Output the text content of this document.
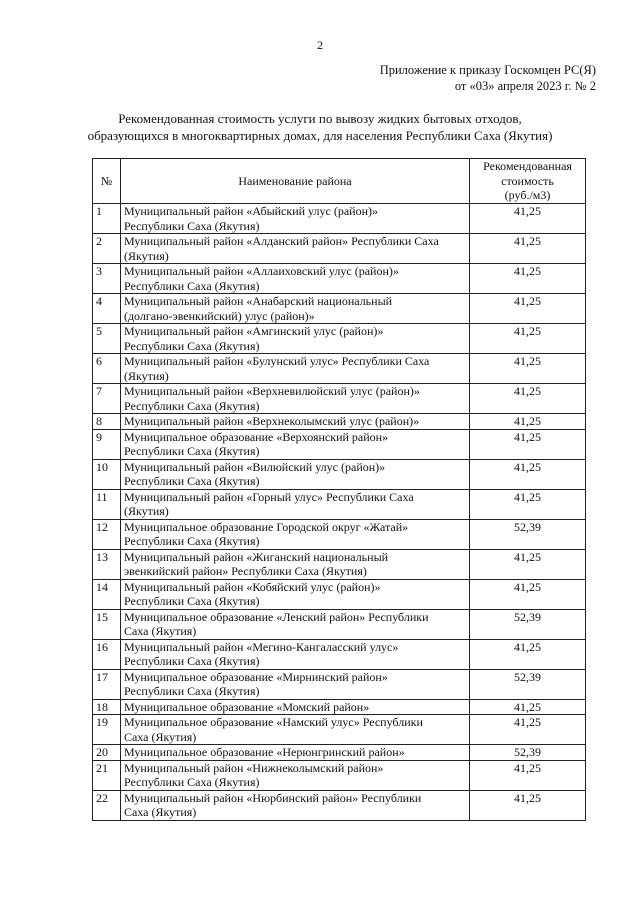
2
Приложение к приказу Госкомцен РС(Я)
от «03» апреля 2023 г. № 2
Рекомендованная стоимость услуги по вывозу жидких бытовых отходов,
образующихся в многоквартирных домах, для населения Республики Саха (Якутия)
№	Наименование района	Рекомендованная
стоимость
(руб./м3)

1	Муниципальный район «Абыйский улус (район)»
Республики Саха (Якутия)	41,25
2	Муниципальный район «Алданский район» Республики Саха
(Якутия)	41,25
3	Муниципальный район «Аллаиховский улус (район)»
Республики Саха (Якутия)	41,25
4	Муниципальный район «Анабарский национальный
(долгано-эвенкийский) улус (район)»	41,25
5	Муниципальный район «Амгинский улус (район)»
Республики Саха (Якутия)	41,25
6	Муниципальный район «Булунский улус» Республики Саха
(Якутия)	41,25
7	Муниципальный район «Верхневилюйский улус (район)»
Республики Саха (Якутия)	41,25
8	Муниципальный район «Верхнеколымский улус (район)»	41,25
9	Муниципальное образование «Верхоянский район»
Республики Саха (Якутия)	41,25
10	Муниципальный район «Вилюйский улус (район)»
Республики Саха (Якутия)	41,25
11	Муниципальный район «Горный улус» Республики Саха
(Якутия)	41,25
12	Муниципальное образование Городской округ «Жатай»
Республики Саха (Якутия)	52,39
13	Муниципальный район «Жиганский национальный
эвенкийский район» Республики Саха (Якутия)	41,25
14	Муниципальный район «Кобяйский улус (район)»
Республики Саха (Якутия)	41,25
15	Муниципальное образование «Ленский район» Республики
Саха (Якутия)	52,39
16	Муниципальный район «Мегино-Кангаласский улус»
Республики Саха (Якутия)	41,25
17	Муниципальное образование «Мирнинский район»
Республики Саха (Якутия)	52,39
18	Муниципальное образование «Момский район»	41,25
19	Муниципальное образование «Намский улус» Республики
Саха (Якутия)	41,25
20	Муниципальное образование «Нерюнгринский район»	52,39
21	Муниципальный район «Нижнеколымский район»
Республики Саха (Якутия)	41,25
22	Муниципальный район «Нюрбинский район» Республики
Саха (Якутия)	41,25
